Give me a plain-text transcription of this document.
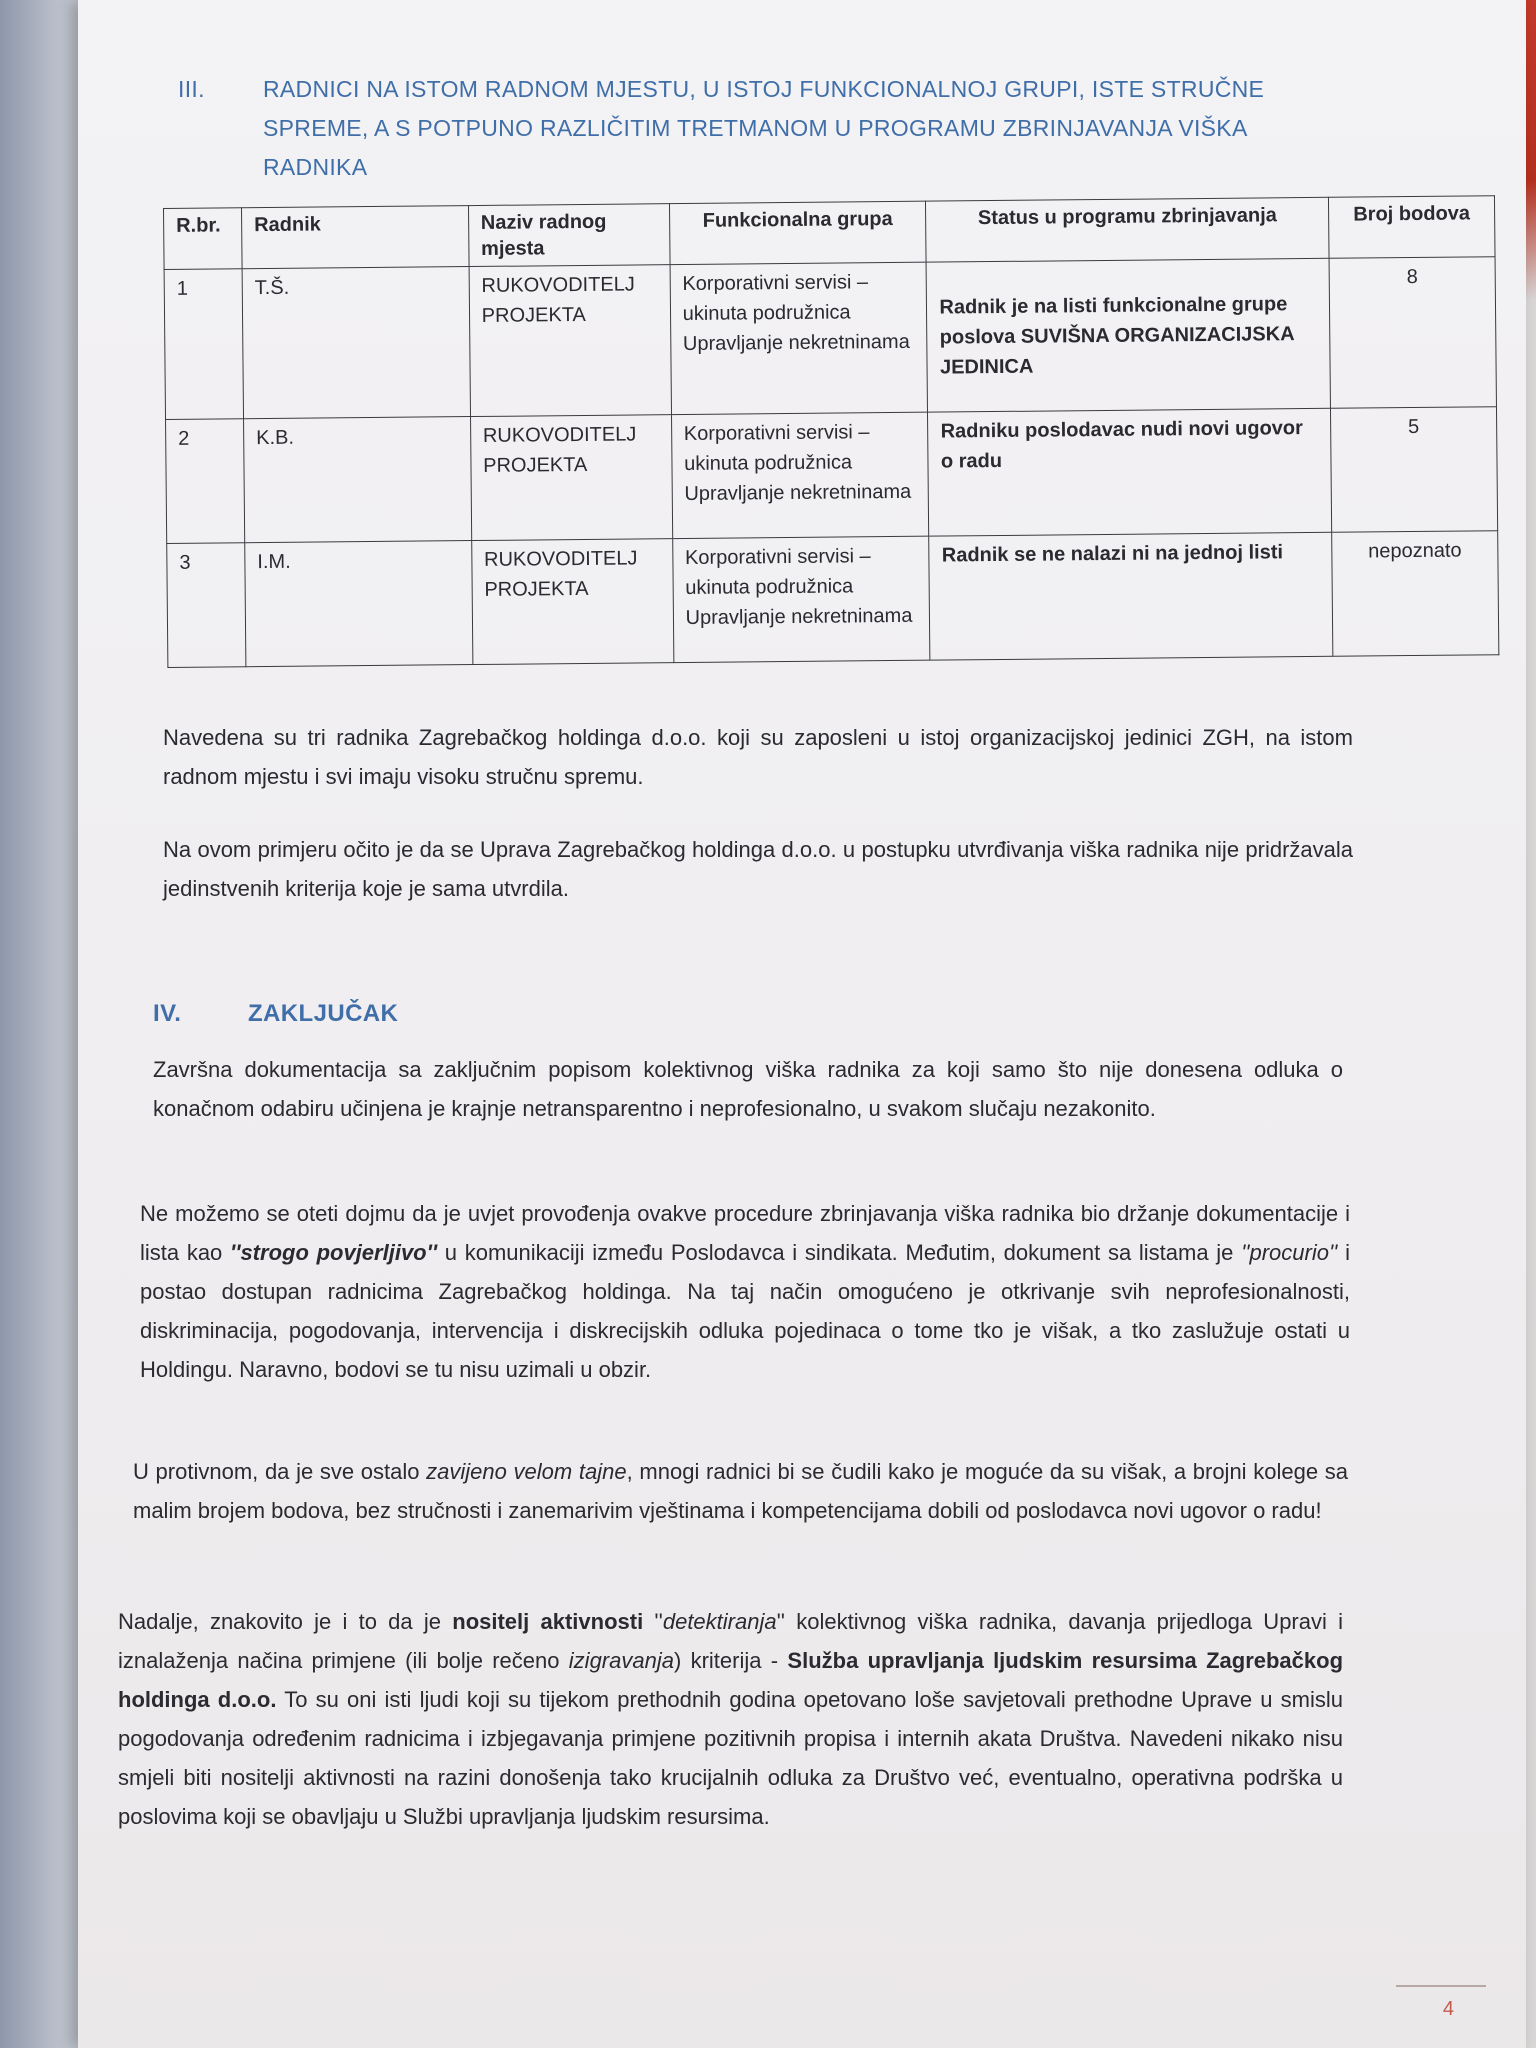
III.	RADNICI NA ISTOM RADNOM MJESTU, U ISTOJ FUNKCIONALNOJ GRUPI, ISTE STRUČNE SPREME, A S POTPUNO RAZLIČITIM TRETMANOM U PROGRAMU ZBRINJAVANJA VIŠKA RADNIKA
R.br.	Radnik	Naziv radnog mjesta	Funkcionalna grupa	Status u programu zbrinjavanja	Broj bodova
1	T.Š.	RUKOVODITELJ PROJEKTA	Korporativni servisi – ukinuta podružnica Upravljanje nekretninama	Radnik je na listi funkcionalne grupe poslova SUVIŠNA ORGANIZACIJSKA JEDINICA	8
2	K.B.	RUKOVODITELJ PROJEKTA	Korporativni servisi – ukinuta podružnica Upravljanje nekretninama	Radniku poslodavac nudi novi ugovor o radu	5
3	I.M.	RUKOVODITELJ PROJEKTA	Korporativni servisi – ukinuta podružnica Upravljanje nekretninama	Radnik se ne nalazi ni na jednoj listi	nepoznato

Navedena su tri radnika Zagrebačkog holdinga d.o.o. koji su zaposleni u istoj organizacijskoj jedinici ZGH, na istom radnom mjestu i svi imaju visoku stručnu spremu.

Na ovom primjeru očito je da se Uprava Zagrebačkog holdinga d.o.o. u postupku utvrđivanja viška radnika nije pridržavala jedinstvenih kriterija koje je sama utvrdila.

IV.	ZAKLJUČAK

Završna dokumentacija sa zaključnim popisom kolektivnog viška radnika za koji samo što nije donesena odluka o konačnom odabiru učinjena je krajnje netransparentno i neprofesionalno, u svakom slučaju nezakonito.

Ne možemo se oteti dojmu da je uvjet provođenja ovakve procedure zbrinjavanja viška radnika bio držanje dokumentacije i lista kao ''strogo povjerljivo'' u komunikaciji između Poslodavca i sindikata. Međutim, dokument sa listama je ''procurio'' i postao dostupan radnicima Zagrebačkog holdinga. Na taj način omogućeno je otkrivanje svih neprofesionalnosti, diskriminacija, pogodovanja, intervencija i diskrecijskih odluka pojedinaca o tome tko je višak, a tko zaslužuje ostati u Holdingu. Naravno, bodovi se tu nisu uzimali u obzir.

U protivnom, da je sve ostalo zavijeno velom tajne, mnogi radnici bi se čudili kako je moguće da su višak, a brojni kolege sa malim brojem bodova, bez stručnosti i zanemarivim vještinama i kompetencijama dobili od poslodavca novi ugovor o radu!

Nadalje, znakovito je i to da je nositelj aktivnosti ''detektiranja'' kolektivnog viška radnika, davanja prijedloga Upravi i iznalaženja načina primjene (ili bolje rečeno izigravanja) kriterija - Služba upravljanja ljudskim resursima Zagrebačkog holdinga d.o.o. To su oni isti ljudi koji su tijekom prethodnih godina opetovano loše savjetovali prethodne Uprave u smislu pogodovanja određenim radnicima i izbjegavanja primjene pozitivnih propisa i internih akata Društva. Navedeni nikako nisu smjeli biti nositelji aktivnosti na razini donošenja tako krucijalnih odluka za Društvo već, eventualno, operativna podrška u poslovima koji se obavljaju u Službi upravljanja ljudskim resursima.

4
